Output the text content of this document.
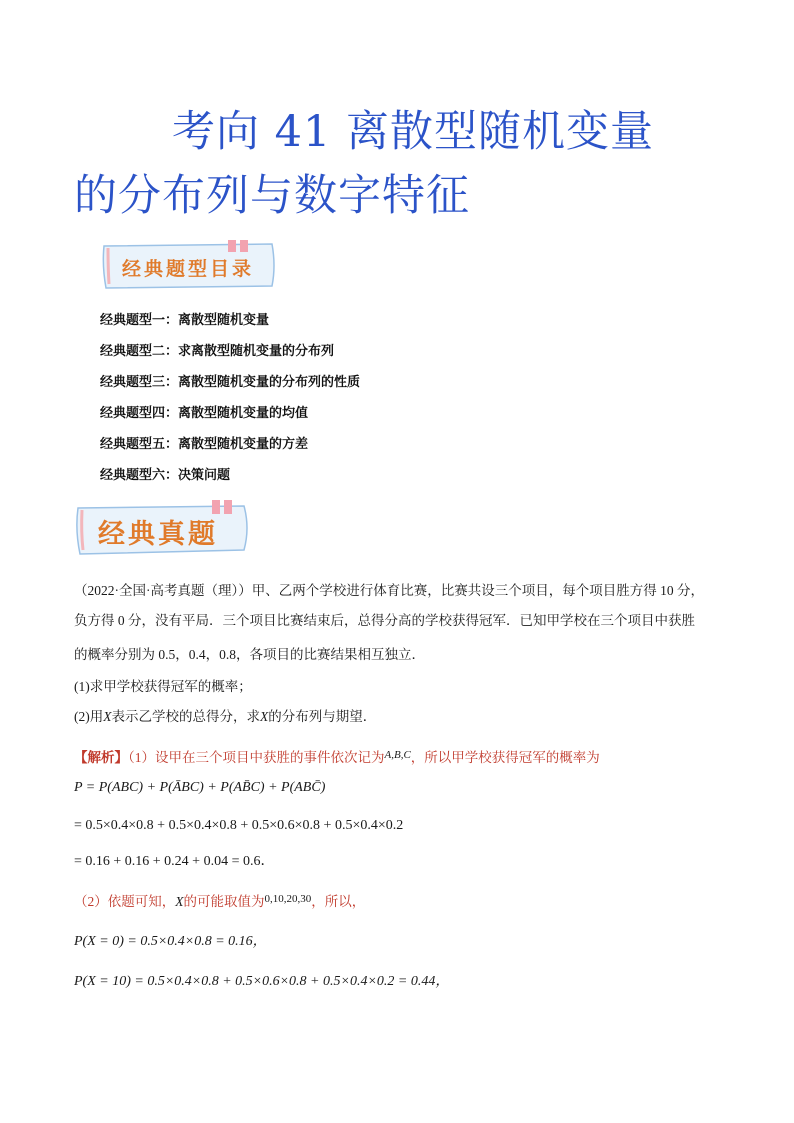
考向 41 离散型随机变量
的分布列与数字特征
经典题型目录
经典题型一：离散型随机变量
经典题型二：求离散型随机变量的分布列
经典题型三：离散型随机变量的分布列的性质
经典题型四：离散型随机变量的均值
经典题型五：离散型随机变量的方差
经典题型六：决策问题
经典真题
（2022·全国·高考真题（理））甲、乙两个学校进行体育比赛，比赛共设三个项目，每个项目胜方得 10 分，
负方得 0 分，没有平局．三个项目比赛结束后，总得分高的学校获得冠军．已知甲学校在三个项目中获胜
的概率分别为 0.5，0.4，0.8，各项目的比赛结果相互独立．
(1)求甲学校获得冠军的概率；
(2)用X表示乙学校的总得分，求X的分布列与期望．
【解析】（1）设甲在三个项目中获胜的事件依次记为$^{A,B,C}$，所以甲学校获得冠军的概率为
P = P(ABC) + P(ĀBC) + P(AB̄C) + P(ABC̄)
= 0.5×0.4×0.8 + 0.5×0.4×0.8 + 0.5×0.6×0.8 + 0.5×0.4×0.2
= 0.16 + 0.16 + 0.24 + 0.04 = 0.6．
（2）依题可知，X的可能取值为$^{0,10,20,30}$，所以，
P(X = 0) = 0.5×0.4×0.8 = 0.16，
P(X = 10) = 0.5×0.4×0.8 + 0.5×0.6×0.8 + 0.5×0.4×0.2 = 0.44，
